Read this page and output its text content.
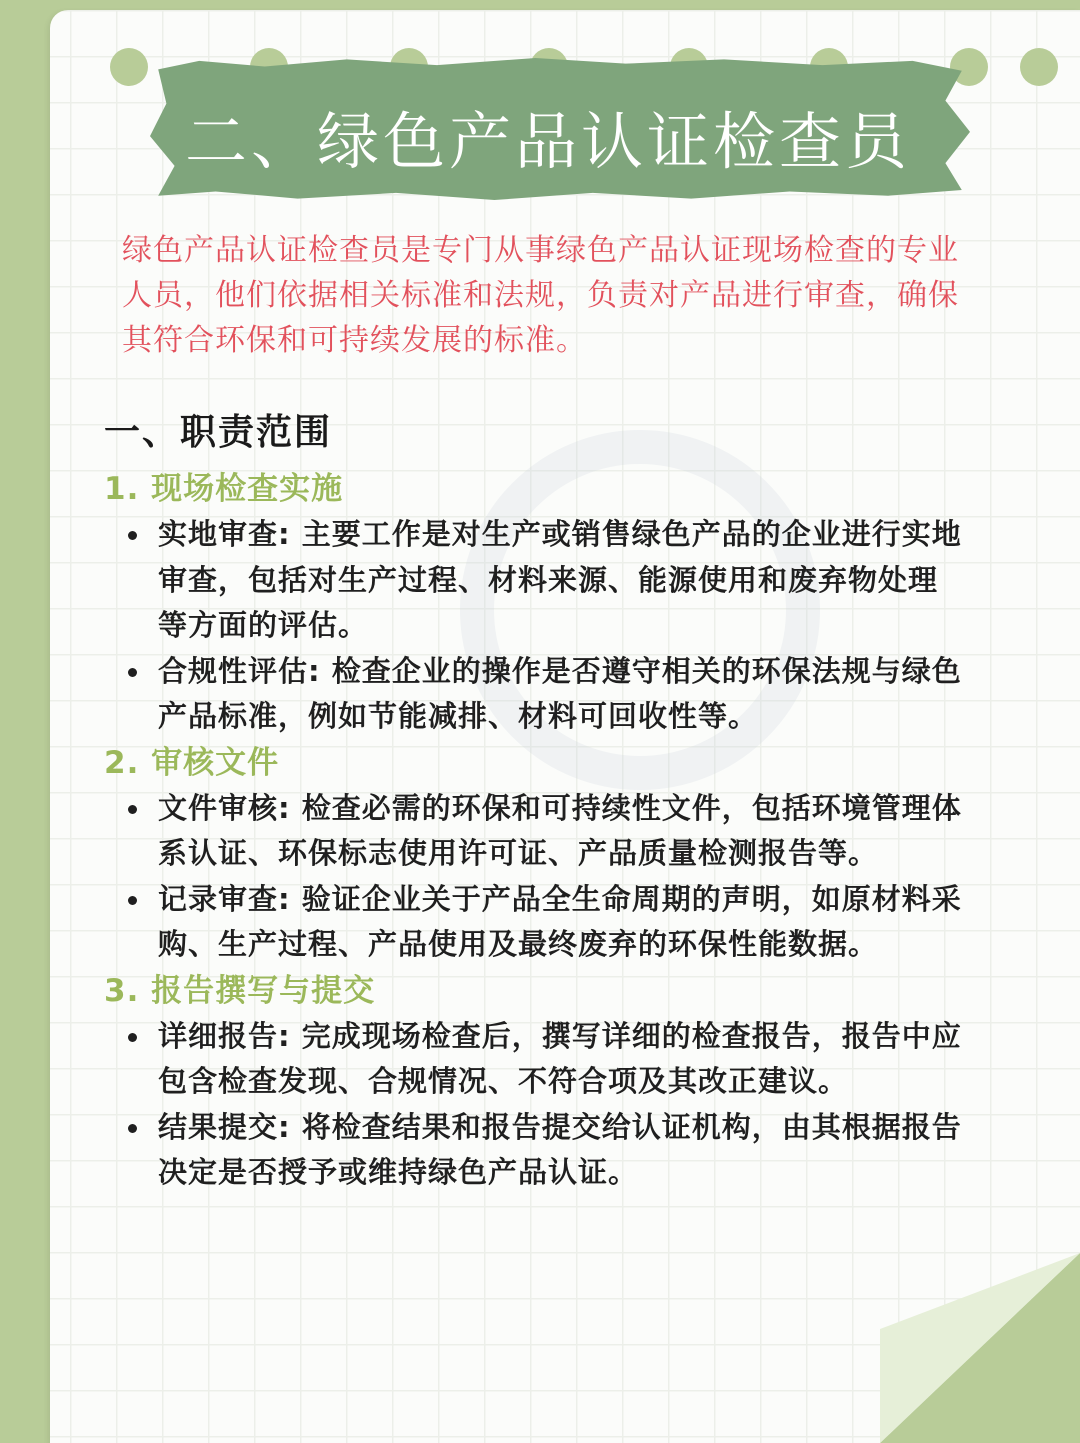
二、绿色产品认证检查员

绿色产品认证检查员是专门从事绿色产品认证现场检查的专业人员，他们依据相关标准和法规，负责对产品进行审查，确保其符合环保和可持续发展的标准。

一、职责范围
1. 现场检查实施
实地审查: 主要工作是对生产或销售绿色产品的企业进行实地审查，包括对生产过程、材料来源、能源使用和废弃物处理等方面的评估。
合规性评估: 检查企业的操作是否遵守相关的环保法规与绿色产品标准，例如节能减排、材料可回收性等。
2. 审核文件
文件审核: 检查必需的环保和可持续性文件，包括环境管理体系认证、环保标志使用许可证、产品质量检测报告等。
记录审查: 验证企业关于产品全生命周期的声明，如原材料采购、生产过程、产品使用及最终废弃的环保性能数据。
3. 报告撰写与提交
详细报告: 完成现场检查后，撰写详细的检查报告，报告中应包含检查发现、合规情况、不符合项及其改正建议。
结果提交: 将检查结果和报告提交给认证机构，由其根据报告决定是否授予或维持绿色产品认证。
